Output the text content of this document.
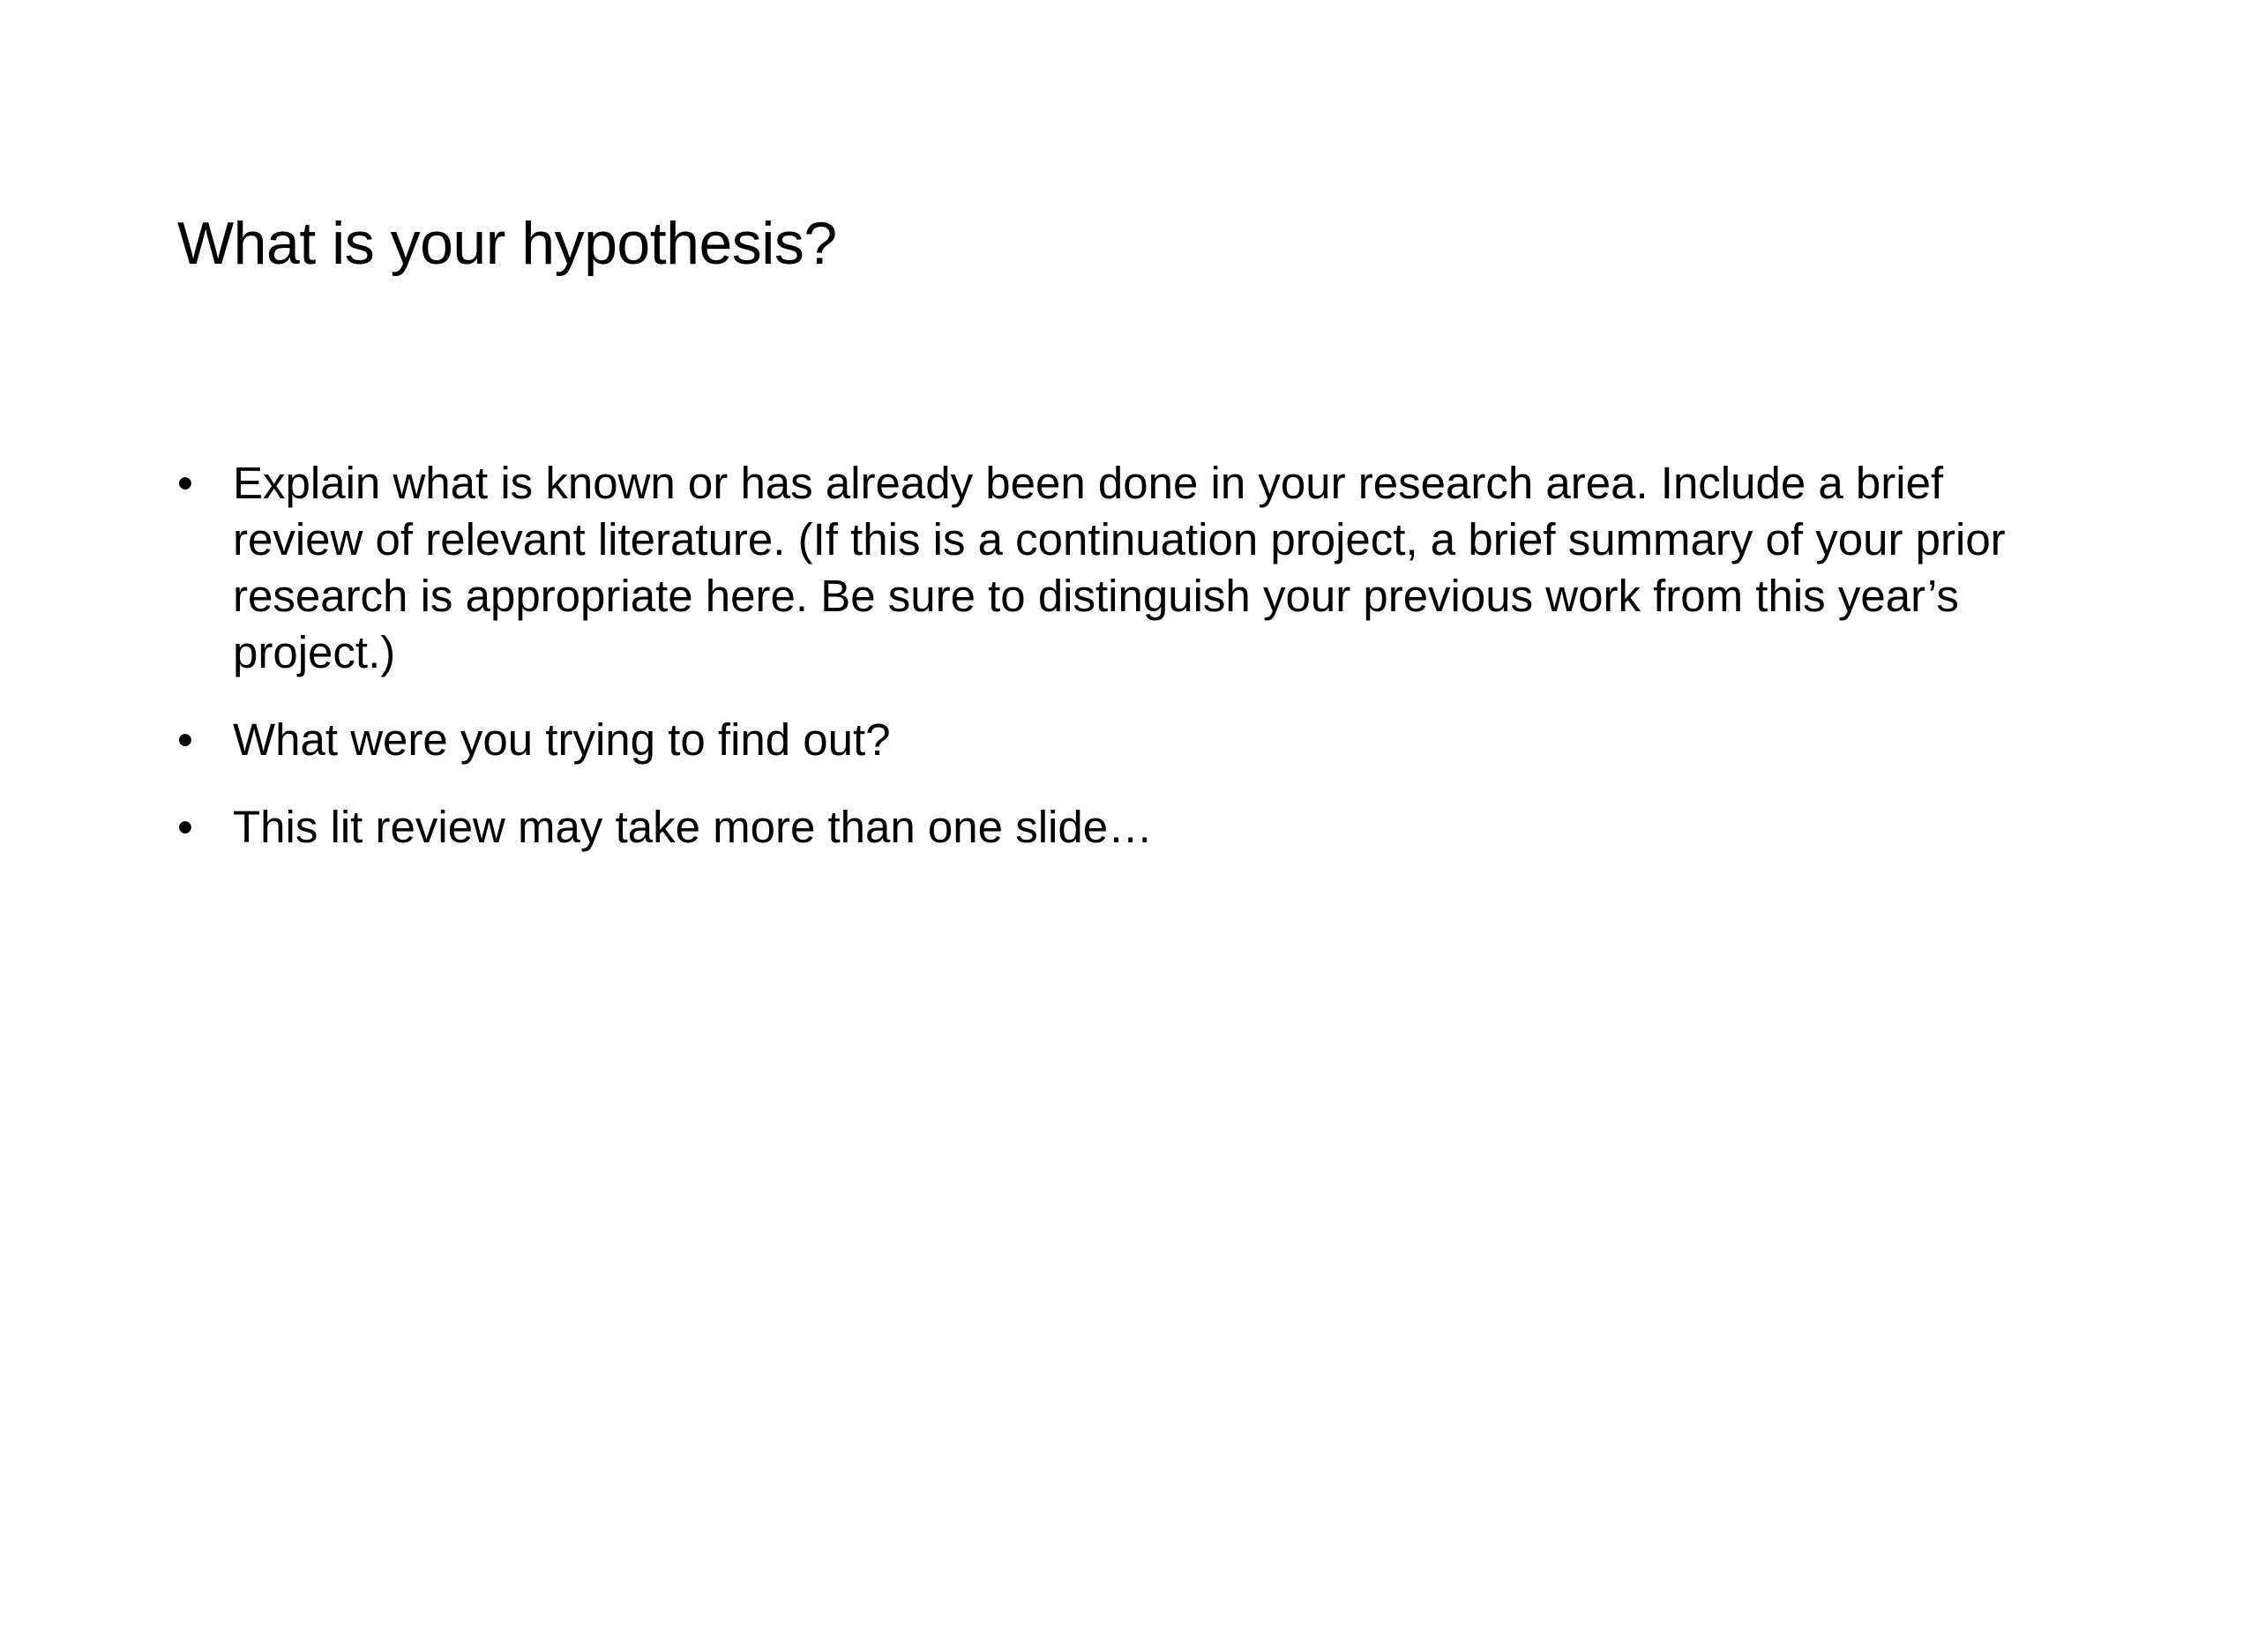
What is your hypothesis?
• Explain what is known or has already been done in your research area. Include a brief review of relevant literature. (If this is a continuation project, a brief summary of your prior research is appropriate here. Be sure to distinguish your previous work from this year’s project.)
• What were you trying to find out?
• This lit review may take more than one slide…
